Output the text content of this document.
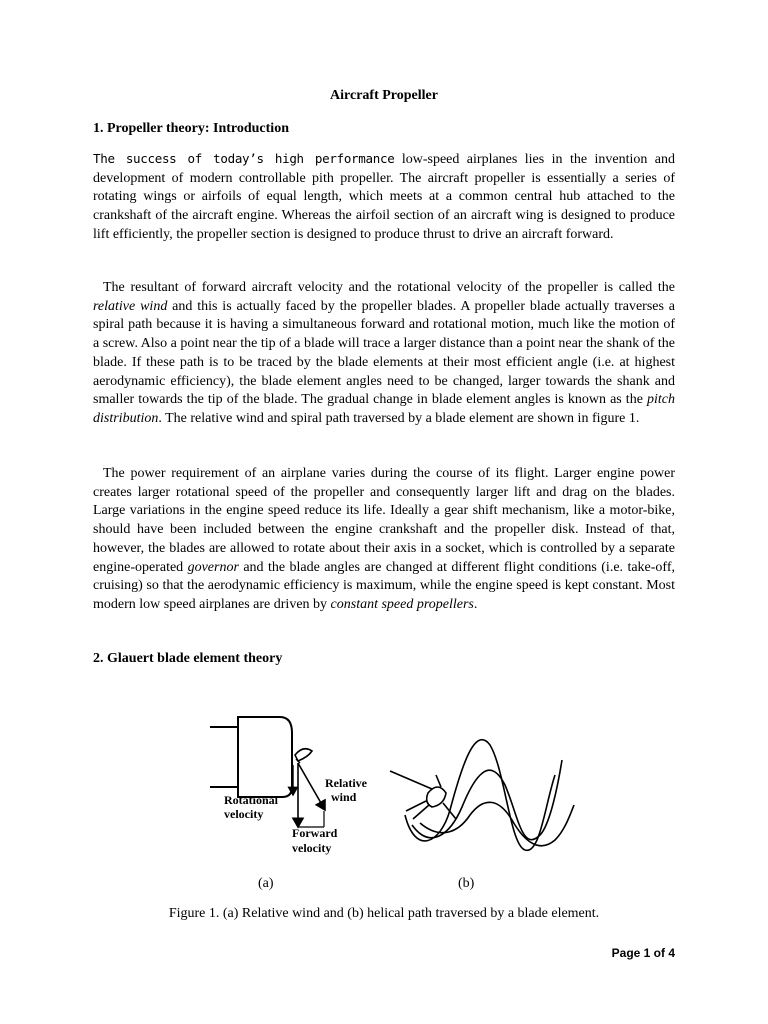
Aircraft Propeller
1. Propeller theory: Introduction

The success of today’s high performance low-speed airplanes lies in the invention and development of modern controllable pith propeller. The aircraft propeller is essentially a series of rotating wings or airfoils of equal length, which meets at a common central hub attached to the crankshaft of the aircraft engine. Whereas the airfoil section of an aircraft wing is designed to produce lift efficiently, the propeller section is designed to produce thrust to drive an aircraft forward.

The resultant of forward aircraft velocity and the rotational velocity of the propeller is called the relative wind and this is actually faced by the propeller blades. A propeller blade actually traverses a spiral path because it is having a simultaneous forward and rotational motion, much like the motion of a screw. Also a point near the tip of a blade will trace a larger distance than a point near the shank of the blade. If these path is to be traced by the blade elements at their most efficient angle (i.e. at highest aerodynamic efficiency), the blade element angles need to be changed, larger towards the shank and smaller towards the tip of the blade. The gradual change in blade element angles is known as the pitch distribution. The relative wind and spiral path traversed by a blade element are shown in figure 1.

The power requirement of an airplane varies during the course of its flight. Larger engine power creates larger rotational speed of the propeller and consequently larger lift and drag on the blades. Large variations in the engine speed reduce its life. Ideally a gear shift mechanism, like a motor-bike, should have been included between the engine crankshaft and the propeller disk. Instead of that, however, the blades are allowed to rotate about their axis in a socket, which is controlled by a separate engine-operated governor and the blade angles are changed at different flight conditions (i.e. take-off, cruising) so that the aerodynamic efficiency is maximum, while the engine speed is kept constant. Most modern low speed airplanes are driven by constant speed propellers.

2. Glauert blade element theory
Relative
wind
Rotational
velocity
Forward
velocity
(a)	(b)
Figure 1. (a) Relative wind and (b) helical path traversed by a blade element.
Page 1 of 4
